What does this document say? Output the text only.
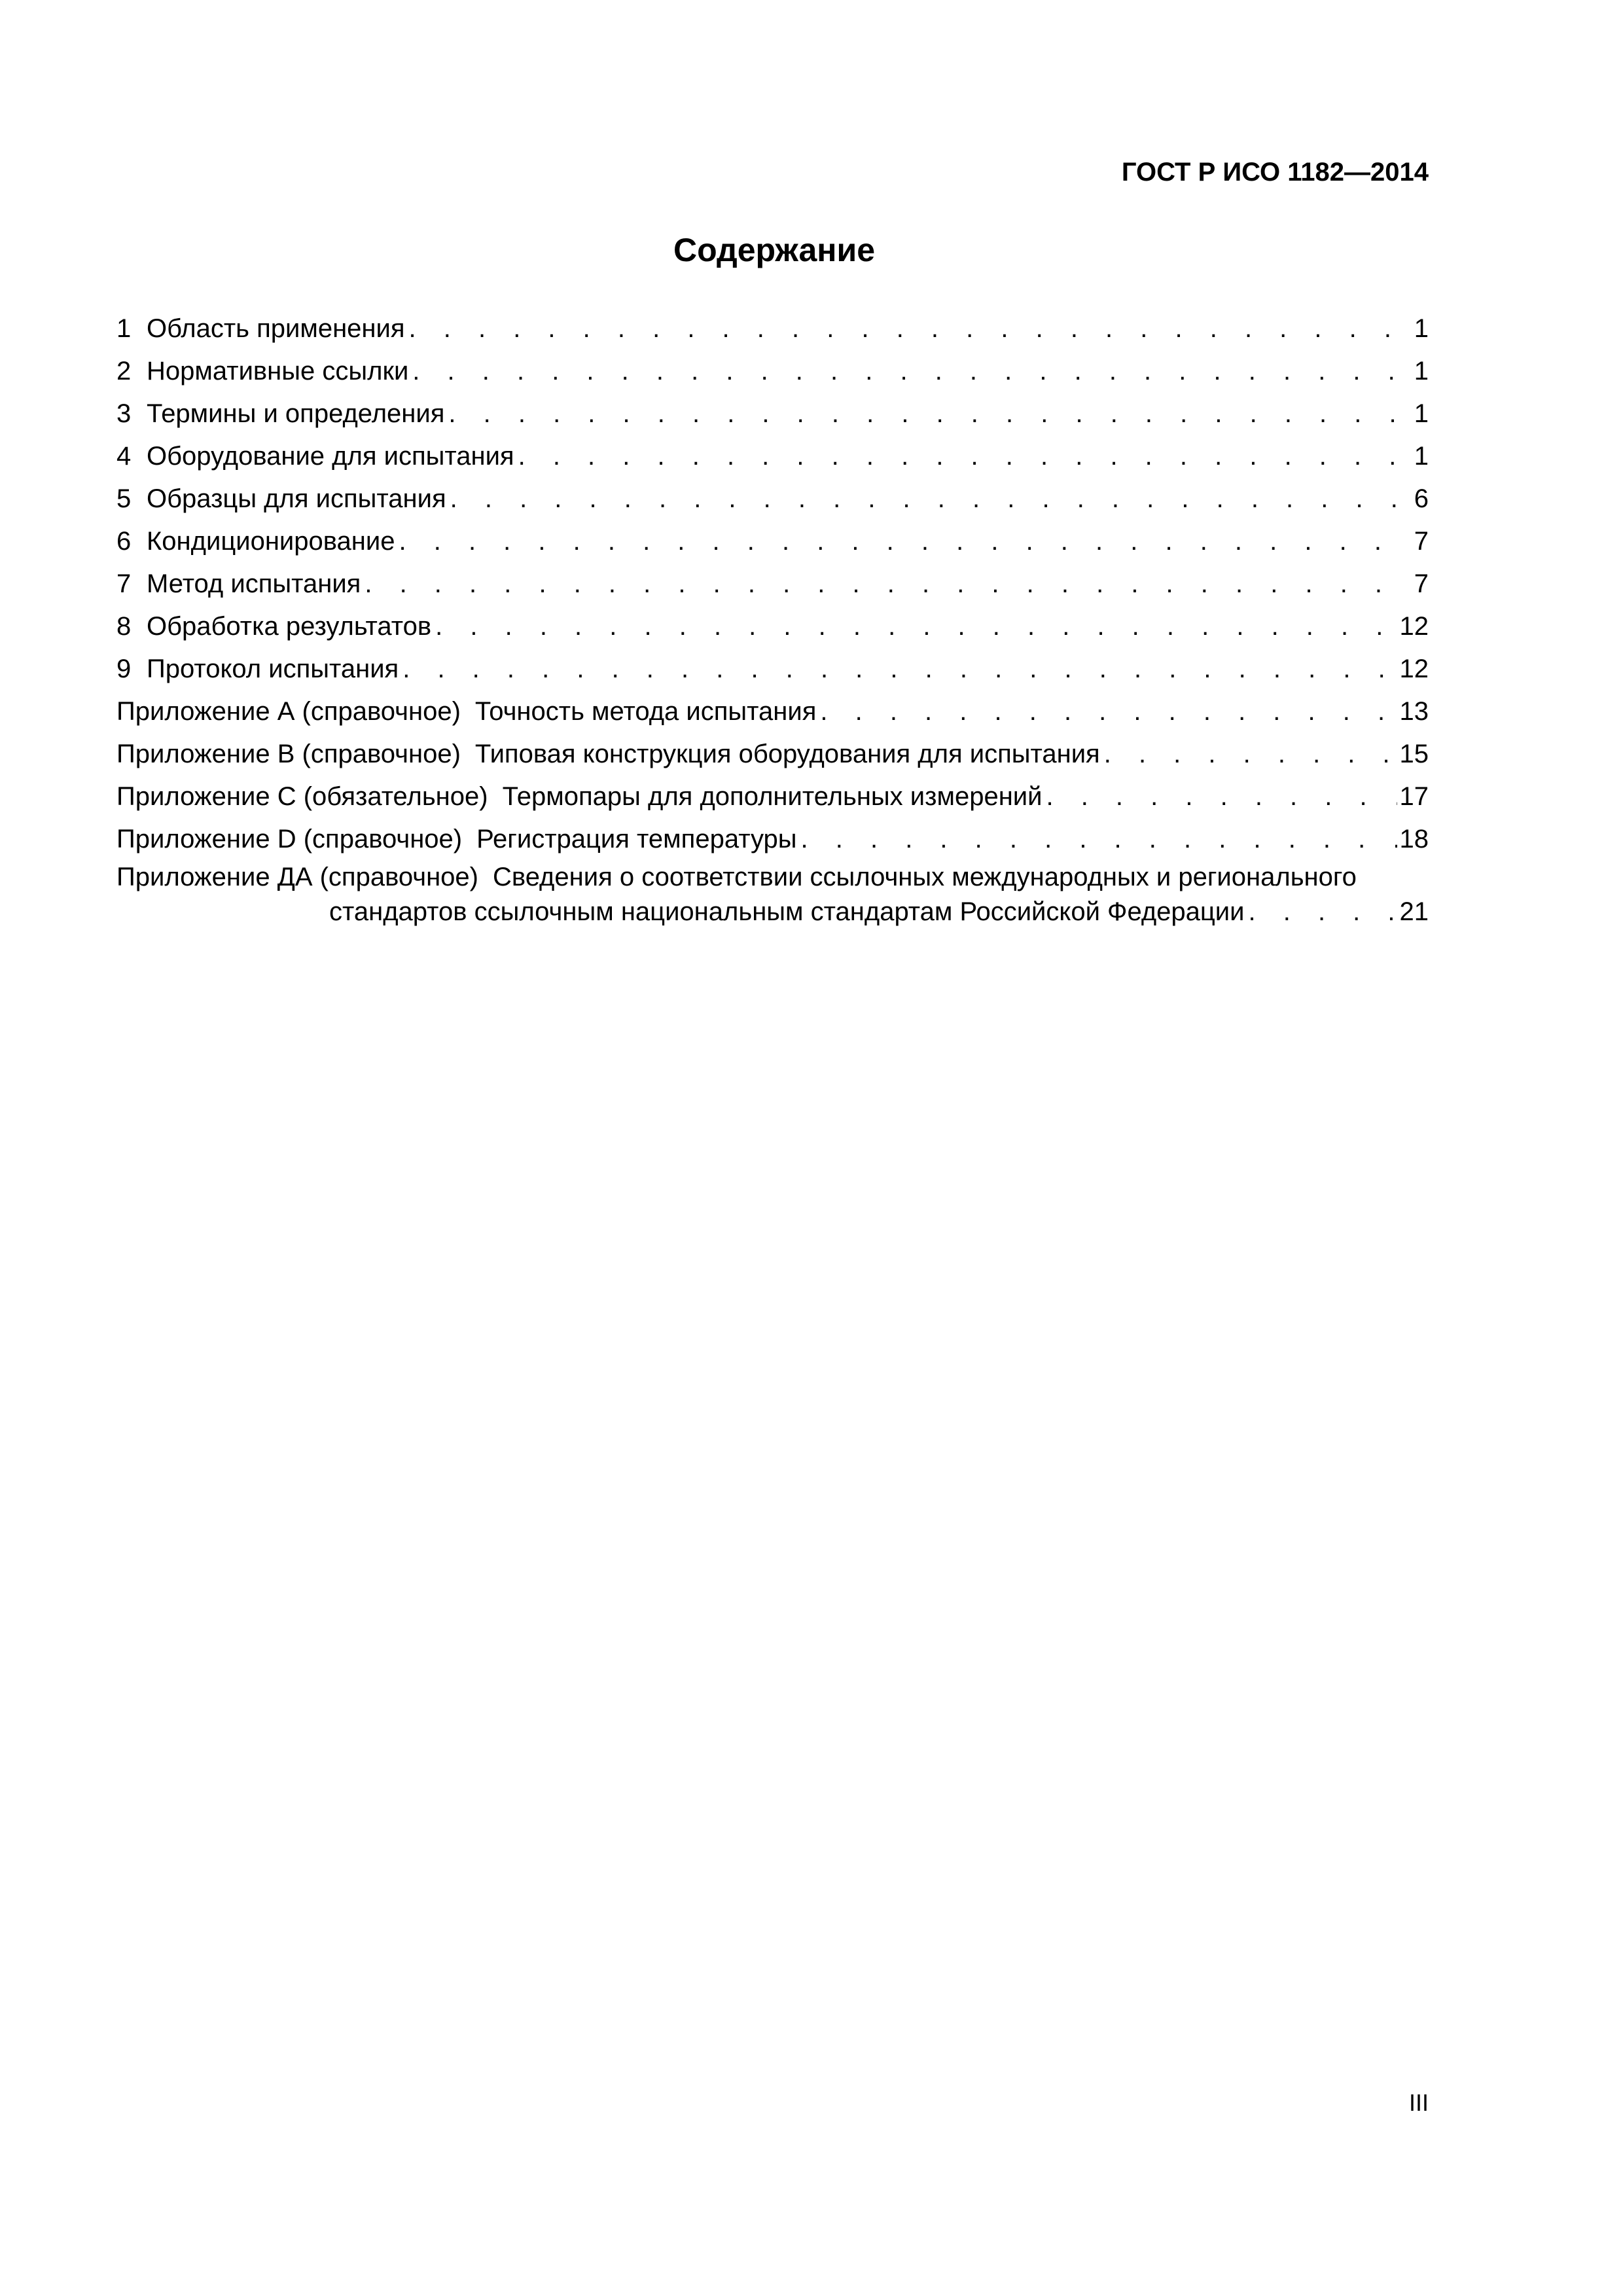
ГОСТ Р ИСО 1182—2014
Содержание
1 Область применения . . .	1
2 Нормативные ссылки . . .	1
3 Термины и определения . . .	1
4 Оборудование для испытания . . .	1
5 Образцы для испытания . . .	6
6 Кондиционирование . . .	7
7 Метод испытания . . .	7
8 Обработка результатов . . .	12
9 Протокол испытания . . .	12
Приложение А (справочное) Точность метода испытания . . .	13
Приложение В (справочное) Типовая конструкция оборудования для испытания . . .	15
Приложение С (обязательное) Термопары для дополнительных измерений . . .	17
Приложение D (справочное) Регистрация температуры . . .	18
Приложение ДА (справочное) Сведения о соответствии ссылочных международных и регионального
стандартов ссылочным национальным стандартам Российской Федерации . . .	21
III
